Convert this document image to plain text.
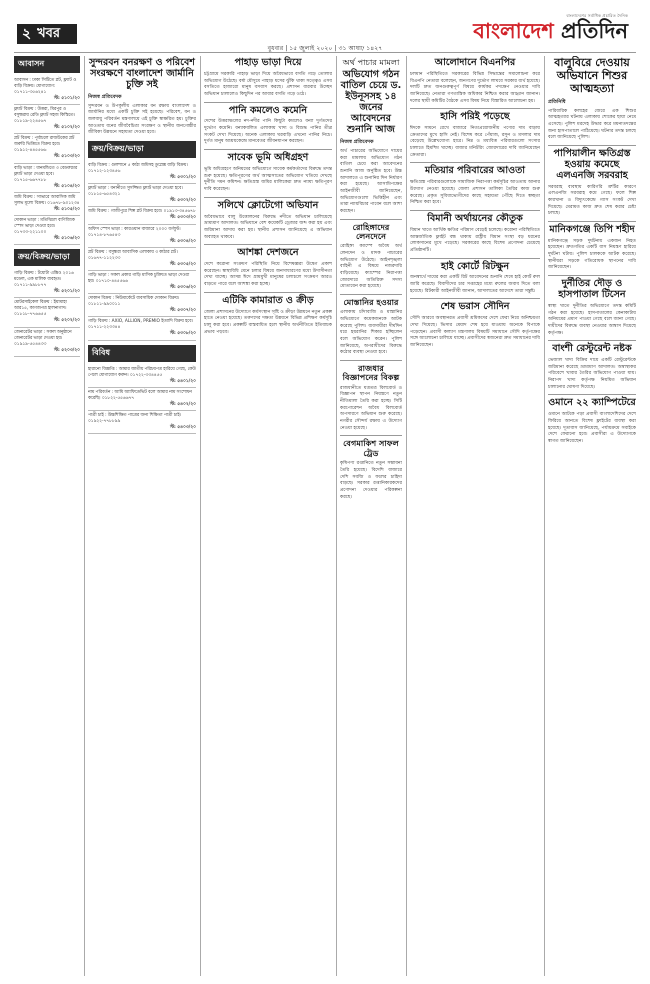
২ খবর
বুধবার | ১৫ জুলাই ২০২০ | ৩১ আষাঢ় ১৪২৭
বাংলাদেশের সর্বাধিক প্রচারিত দৈনিক
বাংলাদেশ প্রতিদিন
আবাসন
আবাসন : ঢাকা সিটিতে প্লট, ফ্ল্যাট ও বাড়ি বিক্রয়। যোগাযোগ: ০১৭১১-৩৫৬২৪১
স্ট: ৫১০১/২০
ফ্ল্যাট বিক্রয় : উত্তরা, মিরপুর ও বসুন্ধরায় রেডি ফ্ল্যাট সহজ কিস্তিতে। ০১৮১৯-২২৪৫৬৭
স্ট: ৫১০২/২০
প্লট বিক্রয় : পূর্বাচলে রাজউকের প্লট জরুরি ভিত্তিতে বিক্রয় হবে। ০১৯১২-৪৪৫৫৬৬
স্ট: ৫১০৩/২০
বাড়ি ভাড়া : ধানমন্ডিতে ৩ বেডরুমের ফ্ল্যাট ভাড়া দেওয়া হবে। ০১৭১৫-৬৬৭৭৮৮
স্ট: ৫১০৪/২০
জমি বিক্রয় : সাভারে আবাসিক জমি সুলভ মূল্যে বিক্রয়। ০১৬৭৮-৯০১২৩৪
স্ট: ৫১০৫/২০
দোকান ভাড়া : মতিঝিলে বাণিজ্যিক স্পেস ভাড়া দেওয়া হবে। ০১৭৩৩-২২১১০০
স্ট: ৫১০৬/২০
ক্রয়/বিক্রয়/ভাড়া
গাড়ি বিক্রয় : টয়োটা এক্সিও ২০১৬ মডেল, এক মালিক ব্যবহৃত। ০১৭১১-৯৯৮৮৭৭
স্ট: ৫২০১/২০
মোটরসাইকেল বিক্রয় : ইয়ামাহা আর১৫, কাগজপত্র হালনাগাদ। ০১৮১৮-৭৭৬৬৫৫
স্ট: ৫২০২/২০
জেনারেটর ভাড়া : সকল অনুষ্ঠানে জেনারেটর ভাড়া দেওয়া হয়। ০১৯১৯-৫৫৪৪৩৩
স্ট: ৫২০৩/২০
সুন্দরবন বনরক্ষণ ও পরিবেশ সংরক্ষণে বাংলাদেশ জার্মানি চুক্তি সই
নিজস্ব প্রতিবেদক
সুন্দরবন ও উপকূলীয় এলাকার বন রক্ষায় বাংলাদেশ ও জার্মানির মধ্যে একটি চুক্তি সই হয়েছে। পরিবেশ, বন ও জলবায়ু পরিবর্তন মন্ত্রণালয়ে এই চুক্তি স্বাক্ষরিত হয়। চুক্তির আওতায় বনের জীববৈচিত্র্য সংরক্ষণ ও স্থানীয় জনগোষ্ঠীর জীবিকা উন্নয়নে সহায়তা দেওয়া হবে।
ক্রয়/বিক্রয়/ভাড়া
বাড়ি বিক্রয় : গুলশানে ৫ কাঠা জমিসহ ডুপ্লেক্স বাড়ি বিক্রয়। ০১৭১২-১২৩৪৫৬
স্ট: ৫৩০১/২০
ফ্ল্যাট ভাড়া : বনানীতে সুসজ্জিত ফ্ল্যাট ভাড়া দেওয়া হবে। ০১৮১৫-৬৫৪৩২১
স্ট: ৫৩০২/২০
জমি বিক্রয় : গাজীপুরে শিল্প প্লট বিক্রয় হবে। ০১৯১৩-৩৪৫৬৭৮
স্ট: ৫৩০৩/২০
অফিস স্পেস ভাড়া : কারওয়ান বাজারে ২০০০ বর্গফুট। ০১৭১৪-৮৭৬৫৪৩
স্ট: ৫৩০৪/২০
প্লট বিক্রয় : বসুন্ধরা আবাসিক এলাকায় ৩ কাঠার প্লট। ০১৬৭৭-১১২২৩৩
স্ট: ৫৩০৫/২০
গাড়ি ভাড়া : সকল প্রকার গাড়ি মাসিক চুক্তিতে ভাড়া দেওয়া হয়। ০১৭১০-৪৪৫৫৬৬
স্ট: ৫৩০৬/২০
দোকান বিক্রয় : নিউমার্কেটে ব্যবসায়িক দোকান বিক্রয়। ০১৮১১-৯৯০০১১
স্ট: ৫৩০৭/২০
গাড়ি বিক্রয় : AXIO, ALLION, PREMIO ইত্যাদি বিক্রয় হবে। ০১৭১১-২২৩৩৪৪
স্ট: ৫৩০৮/২০
বিবিধ
হারানো বিজ্ঞপ্তি : আমার জাতীয় পরিচয়পত্র হারিয়ে গেছে, কেউ পেলে যোগাযোগ করুন। ০১৭২২-৩৩৪৪৫৫
স্ট: ৫৪০১/২০
নাম পরিবর্তন : আমি অ্যাফিডেভিট বলে আমার নাম সংশোধন করেছি। ০১৮২২-৫৫৬৬৭৭
স্ট: ৫৪০২/২০
পাত্রী চাই : উচ্চশিক্ষিত পাত্রের জন্য শিক্ষিতা পাত্রী চাই। ০১৯২২-৭৭৮৮৯৯
স্ট: ৫৪০৩/২০
পাহাড় ভাড়া দিয়ে
চট্টগ্রামে সরকারি পাহাড় ভাড়া দিয়ে অবৈধভাবে বসতি গড়ে তোলার অভিযোগ উঠেছে। বর্ষা মৌসুমে পাহাড় ধসের ঝুঁকি থাকা সত্ত্বেও এসব বসতিতে হাজারো মানুষ বসবাস করছে। প্রশাসন বারবার উচ্ছেদ অভিযান চালালেও কিছুদিন পর আবার বসতি গড়ে ওঠে।
পানি কমলেও কমেনি
দেশের উত্তরাঞ্চলের নদ-নদীর পানি কিছুটা কমলেও বন্যা দুর্গতদের দুর্ভোগ কমেনি। বন্যাকবলিত এলাকায় খাদ্য ও বিশুদ্ধ পানির তীব্র সংকট দেখা দিয়েছে। অনেক এলাকায় ঘরবাড়ি এখনো পানির নিচে। দুর্গত মানুষ আশ্রয়কেন্দ্রে মানবেতর জীবনযাপন করছেন।
সাবেক ভূমি অধিগ্রহণ
ভূমি অধিগ্রহণে অনিয়মের অভিযোগে সাবেক কর্মকর্তাদের বিরুদ্ধে তদন্ত শুরু হয়েছে। ক্ষতিপূরণের অর্থ আত্মসাতের অভিযোগ খতিয়ে দেখছে দুর্নীতি দমন কমিশন। ক্ষতিগ্রস্ত জমির মালিকেরা দ্রুত ন্যায্য ক্ষতিপূরণ দাবি করেছেন।
সলিখে ক্লোটেগো অভিযান
অবৈধভাবে বালু উত্তোলনের বিরুদ্ধে নদীতে অভিযান চালিয়েছে ভ্রাম্যমাণ আদালত। অভিযানে বেশ কয়েকটি ড্রেজার জব্দ করা হয় এবং জরিমানা আদায় করা হয়। স্থানীয় প্রশাসন জানিয়েছে এ অভিযান অব্যাহত থাকবে।
আশঙ্কা দেশজনে
দেশে করোনা সংক্রমণ পরিস্থিতি নিয়ে বিশেষজ্ঞরা উদ্বেগ প্রকাশ করেছেন। স্বাস্থ্যবিধি মেনে চলার বিষয়ে জনসাধারণের মধ্যে উদাসীনতা দেখা যাচ্ছে। আসন্ন ঈদে গ্রামমুখী মানুষের চলাচলে সংক্রমণ আরও বাড়তে পারে বলে আশঙ্কা করা হচ্ছে।
এটিকি কামারাত ও ক্রীড়
জেলা প্রশাসনের উদ্যোগে কর্মসংস্থান সৃষ্টি ও ক্রীড়া উন্নয়নে নতুন প্রকল্প হাতে নেওয়া হয়েছে। তরুণদের দক্ষতা উন্নয়নে বিভিন্ন প্রশিক্ষণ কর্মসূচি চালু করা হবে। প্রকল্পটি বাস্তবায়িত হলে স্থানীয় অর্থনীতিতে ইতিবাচক প্রভাব পড়বে।
অর্থ পাচার মামলা
অভিযোগ গঠন বাতিল চেয়ে ড. ইউনূসসহ ১৪ জনের আবেদনের শুনানি আজ
নিজস্ব প্রতিবেদক
অর্থ পাচারের অভিযোগে দায়ের করা মামলায় অভিযোগ গঠন বাতিল চেয়ে করা আবেদনের শুনানি আজ অনুষ্ঠিত হবে। উচ্চ আদালতে এ শুনানির দিন নির্ধারণ করা হয়েছে। আসামিপক্ষের আইনজীবী জানিয়েছেন, অভিযোগগুলো ভিত্তিহীন এবং তারা ন্যায়বিচার পাবেন বলে আশা করছেন।
রোহিঙ্গাদের লেনদেনে
রোহিঙ্গা ক্যাম্পে অবৈধ অর্থ লেনদেন ও মাদক পাচারের অভিযোগ উঠেছে। আইনশৃঙ্খলা বাহিনী এ বিষয়ে নজরদারি বাড়িয়েছে। ক্যাম্পের নিরাপত্তা জোরদারে অতিরিক্ত সদস্য মোতায়েন করা হয়েছে।
মোস্তানির হওয়ার
এলাকায় চাঁদাবাজি ও মাস্তানির অভিযোগে কয়েকজনকে আটক করেছে পুলিশ। ব্যবসায়ীরা দীর্ঘদিন ধরে হয়রানির শিকার হচ্ছিলেন বলে অভিযোগ করেন। পুলিশ জানিয়েছে, অপরাধীদের বিরুদ্ধে কঠোর ব্যবস্থা নেওয়া হবে।
রাজধার বিজ্ঞাপনের বিকল্প
রাজধানীতে যত্রতত্র বিলবোর্ড ও বিজ্ঞাপন স্থাপন নিয়ন্ত্রণে নতুন নীতিমালা তৈরি করা হচ্ছে। সিটি করপোরেশন অবৈধ বিলবোর্ড অপসারণে অভিযান শুরু করেছে। নগরীর সৌন্দর্য রক্ষায় এ উদ্যোগ নেওয়া হয়েছে।
বেগমাকিশ সাফল ট্রেড
কৃষিপণ্য রপ্তানিতে নতুন সম্ভাবনা তৈরি হয়েছে। বিদেশি বাজারে দেশি সবজি ও ফলের চাহিদা বাড়ছে। সরকার রপ্তানিকারকদের প্রণোদনা দেওয়ার পরিকল্পনা করছে।
আলোদানে বিএনপির
চলমান পরিস্থিতিতে সরকারের বিভিন্ন সিদ্ধান্তের সমালোচনা করে বিএনপি নেতারা বলেছেন, জনগণের দুর্ভোগ লাঘবে সরকার ব্যর্থ হয়েছে। দলটি দ্রুত জনগুরুত্বপূর্ণ বিষয়ে কার্যকর পদক্ষেপ নেওয়ার দাবি জানিয়েছে। নেতারা গণতান্ত্রিক অধিকার নিশ্চিত করার আহ্বান জানান। দলের স্থায়ী কমিটির বৈঠকে এসব বিষয় নিয়ে বিস্তারিত আলোচনা হয়।
হাসি পরিই পড়েছে
ঈদকে সামনে রেখে বাজারে নিত্যপ্রয়োজনীয় পণ্যের দাম বাড়ায় ক্রেতাদের মুখে হাসি নেই। বিশেষ করে পেঁয়াজ, রসুন ও মসলার দাম বেড়েছে উল্লেখযোগ্য হারে। নিম্ন ও মধ্যবিত্ত পরিবারগুলো সংসার চালাতে হিমশিম খাচ্ছে। বাজার মনিটরিং জোরদারের দাবি জানিয়েছেন ক্রেতারা।
মতিয়ার পরিবারের আওতা
ক্ষতিগ্রস্ত পরিবারগুলোকে সামাজিক নিরাপত্তা কর্মসূচির আওতায় আনার উদ্যোগ নেওয়া হয়েছে। জেলা প্রশাসন তালিকা তৈরির কাজ শুরু করেছে। প্রকৃত সুবিধাভোগীদের কাছে সহায়তা পৌঁছে দিতে স্বচ্ছতা নিশ্চিত করা হবে।
বিমানী অর্থায়নের কৌতুক
বিমান খাতে আর্থিক ক্ষতির পরিমাণ বেড়েই চলেছে। করোনা পরিস্থিতিতে আন্তর্জাতিক ফ্লাইট বন্ধ থাকায় রাষ্ট্রীয় বিমান সংস্থা বড় ধরনের লোকসানের মুখে পড়েছে। সরকারের কাছে বিশেষ প্রণোদনা চেয়েছে প্রতিষ্ঠানটি।
হাই কোর্টে রিটক্ষুন
জনস্বার্থে দায়ের করা একটি রিট আবেদনের শুনানি শেষে হাই কোর্ট রুল জারি করেছে। বিবাদীদের চার সপ্তাহের মধ্যে রুলের জবাব দিতে বলা হয়েছে। রিটকারী আইনজীবী জানান, আদালতের আদেশে তারা সন্তুষ্ট।
শেষ ভরাস সৌদিন
সৌদি আরবে অবস্থানরত প্রবাসী শ্রমিকদের দেশে ফেরা নিয়ে অনিশ্চয়তা দেখা দিয়েছে। ভিসার মেয়াদ শেষ হয়ে যাওয়ায় অনেকে বিপাকে পড়েছেন। প্রবাসী কল্যাণ মন্ত্রণালয় বিষয়টি সমাধানে সৌদি কর্তৃপক্ষের সঙ্গে আলোচনা চালিয়ে যাচ্ছে। প্রবাসীদের স্বজনেরা দ্রুত সমাধানের দাবি জানিয়েছেন।
বালুবিরে দেওয়ায় অভিযানে শিশুর আত্মহত্যা
প্রতিনিধি
পারিবারিক কলহের জেরে এক শিশুর আত্মহত্যার ঘটনায় এলাকায় শোকের ছায়া নেমে এসেছে। পুলিশ মরদেহ উদ্ধার করে ময়নাতদন্তের জন্য হাসপাতালে পাঠিয়েছে। ঘটনার তদন্ত চলছে বলে জানিয়েছে পুলিশ।
পাপিয়ালীন ক্ষতিগ্রস্ত হওয়ায় কমেছে এলএনজি সরবরাহ
সরবরাহ ব্যবস্থায় কারিগরি ত্রুটির কারণে এলএনজি সরবরাহ কমে গেছে। ফলে শিল্প কারখানা ও বিদ্যুৎকেন্দ্রে গ্যাস সংকট দেখা দিয়েছে। মেরামত কাজ দ্রুত শেষ করার চেষ্টা চলছে।
মানিকগঞ্জে তিপি শহীদ
মানিকগঞ্জে সড়ক দুর্ঘটনায় একজন নিহত হয়েছেন। দ্রুতগতির একটি বাস নিয়ন্ত্রণ হারিয়ে দুর্ঘটনা ঘটায়। পুলিশ চালককে আটক করেছে। স্থানীয়রা সড়কে গতিরোধক স্থাপনের দাবি জানিয়েছেন।
দুর্নীতির দৌড় ও হাসপাতাল টিসেন
স্বাস্থ্য খাতে দুর্নীতির অভিযোগে তদন্ত কমিটি গঠন করা হয়েছে। হাসপাতালের কেনাকাটায় অনিয়মের প্রমাণ পাওয়া গেছে বলে জানা গেছে। দায়ীদের বিরুদ্ধে ব্যবস্থা নেওয়ার আশ্বাস দিয়েছে কর্তৃপক্ষ।
বাংশী রেস্টুরেন্ট নষ্টক
ভেজাল খাদ্য বিক্রির দায়ে একটি রেস্টুরেন্টকে জরিমানা করেছে ভ্রাম্যমাণ আদালত। অস্বাস্থ্যকর পরিবেশে খাবার তৈরির অভিযোগ পাওয়া যায়। নিরাপদ খাদ্য কর্তৃপক্ষ নিয়মিত অভিযান চালানোর ঘোষণা দিয়েছে।
ওমানে ২২ ক্যাম্পিটেরে
ওমানে আটকে পড়া প্রবাসী বাংলাদেশিদের দেশে ফিরিয়ে আনতে বিশেষ ফ্লাইটের ব্যবস্থা করা হয়েছে। দূতাবাস জানিয়েছে, পর্যায়ক্রমে সবাইকে দেশে ফেরানো হবে। প্রবাসীরা এ উদ্যোগকে স্বাগত জানিয়েছেন।
